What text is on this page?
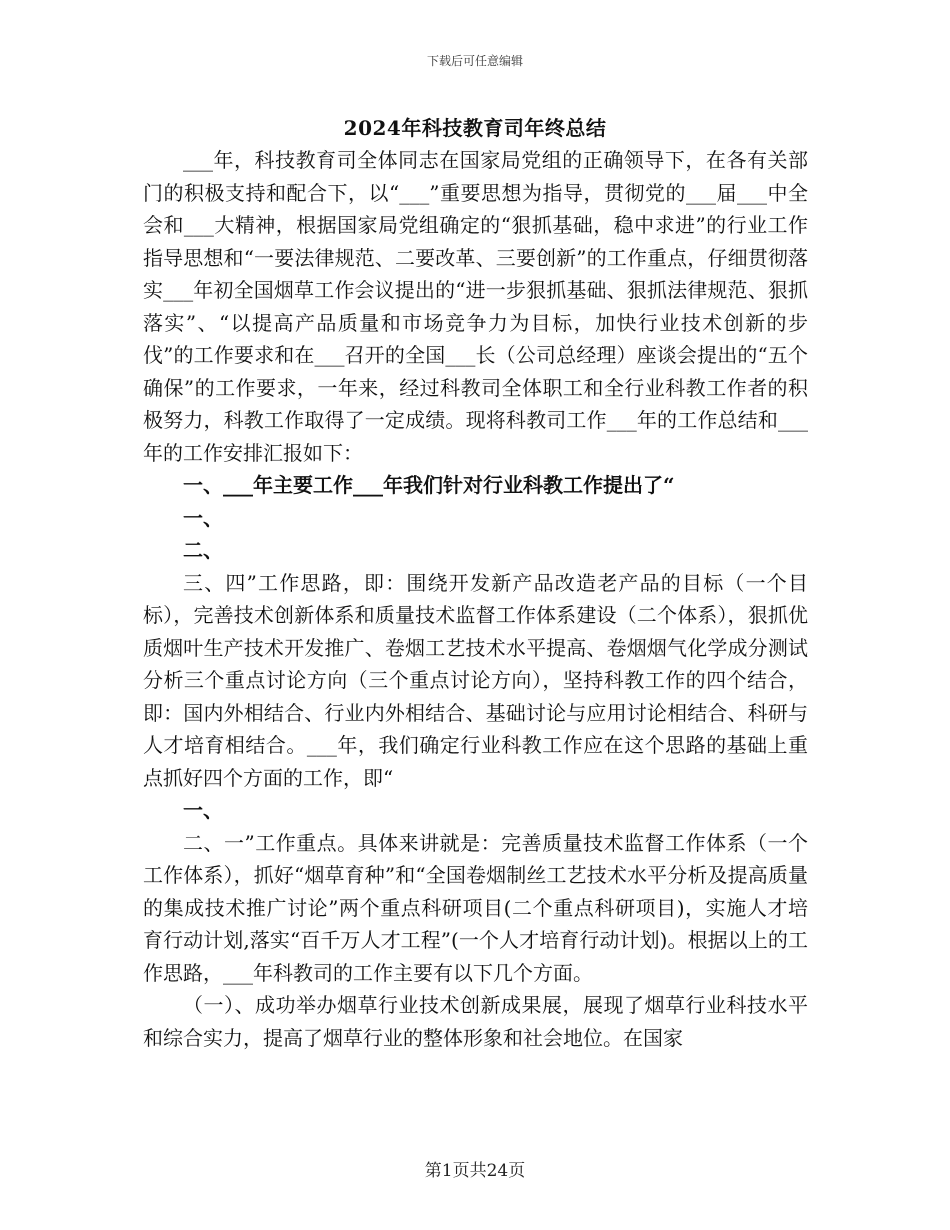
下载后可任意编辑
2024年科技教育司年终总结

___年，科技教育司全体同志在国家局党组的正确领导下，在各有关部门的积极支持和配合下，以“___”重要思想为指导，贯彻党的___届___中全会和___大精神，根据国家局党组确定的“狠抓基础，稳中求进”的行业工作指导思想和“一要法律规范、二要改革、三要创新”的工作重点，仔细贯彻落实___年初全国烟草工作会议提出的“进一步狠抓基础、狠抓法律规范、狠抓落实”、“以提高产品质量和市场竞争力为目标，加快行业技术创新的步伐”的工作要求和在___召开的全国___长（公司总经理）座谈会提出的“五个确保”的工作要求，一年来，经过科教司全体职工和全行业科教工作者的积极努力，科教工作取得了一定成绩。现将科教司工作___年的工作总结和___年的工作安排汇报如下：

一、___年主要工作___年我们针对行业科教工作提出了“

一、

二、

三、四”工作思路，即：围绕开发新产品改造老产品的目标（一个目标），完善技术创新体系和质量技术监督工作体系建设（二个体系），狠抓优质烟叶生产技术开发推广、卷烟工艺技术水平提高、卷烟烟气化学成分测试分析三个重点讨论方向（三个重点讨论方向），坚持科教工作的四个结合，即：国内外相结合、行业内外相结合、基础讨论与应用讨论相结合、科研与人才培育相结合。___年，我们确定行业科教工作应在这个思路的基础上重点抓好四个方面的工作，即“

一、

二、一”工作重点。具体来讲就是：完善质量技术监督工作体系（一个工作体系），抓好“烟草育种”和“全国卷烟制丝工艺技术水平分析及提高质量的集成技术推广讨论”两个重点科研项目(二个重点科研项目)，实施人才培育行动计划,落实“百千万人才工程”(一个人才培育行动计划)。根据以上的工作思路，___年科教司的工作主要有以下几个方面。

（一）、成功举办烟草行业技术创新成果展，展现了烟草行业科技水平和综合实力，提高了烟草行业的整体形象和社会地位。在国家

第1页共24页
